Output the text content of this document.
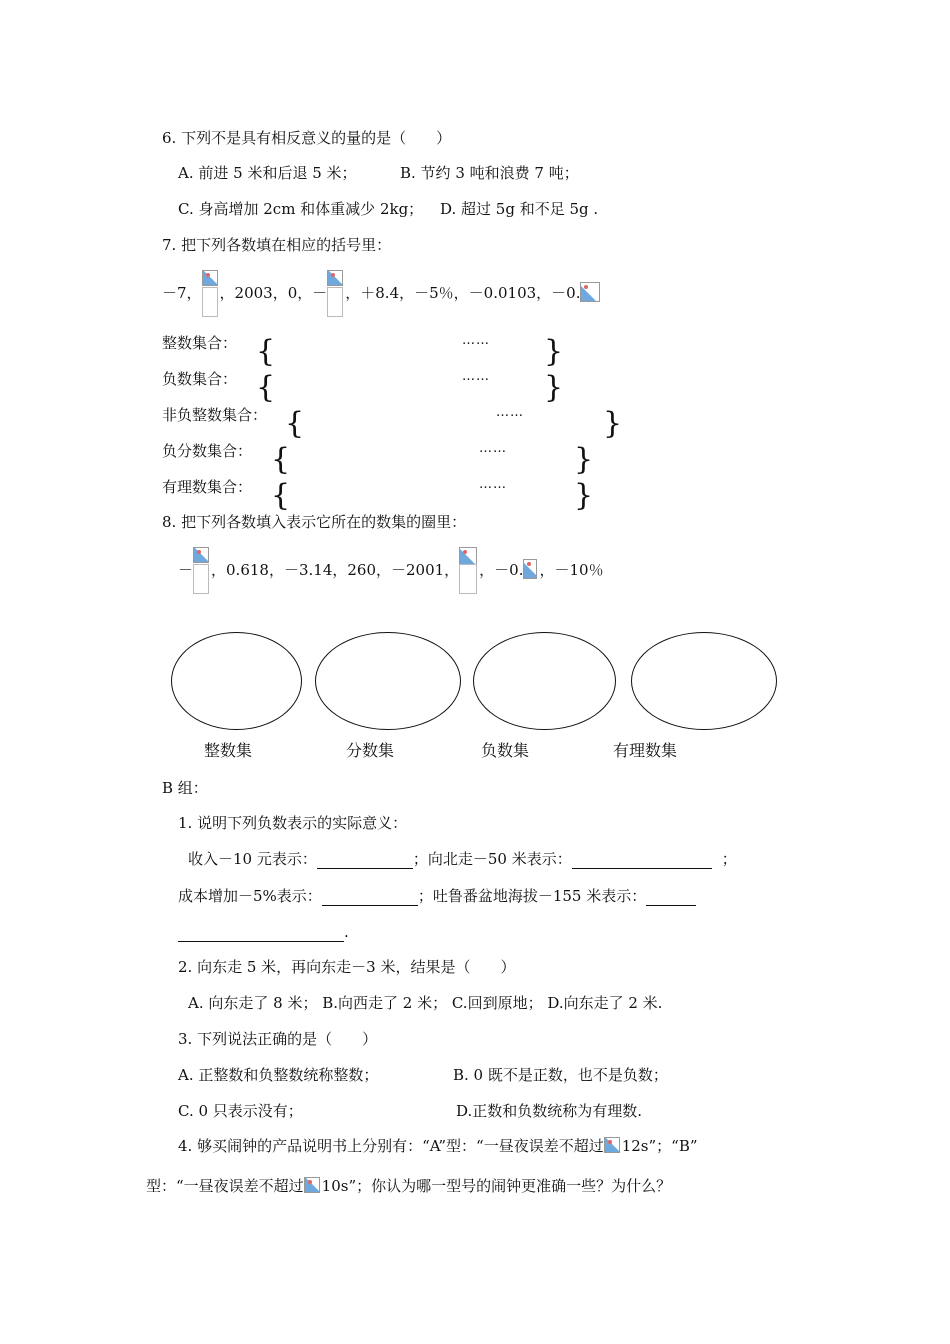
6. 下列不是具有相反意义的量的是（　　）
A. 前进 5 米和后退 5 米；	B. 节约 3 吨和浪费 7 吨；
C. 身高增加 2cm 和体重减少 2kg； D. 超过 5g 和不足 5g .
7. 把下列各数填在相应的括号里：
－7， ，2003，0，－ ，＋8.4，－5％，－0.0103，－0.
整数集合： {	…… }
负数集合： {	…… }
非负整数集合： {	……	}
负分数集合： {	…… }
有理数集合： {	…… }
8. 把下列各数填入表示它所在的数集的圈里：
－ ，0.618，－3.14，260，－2001， ，－0. ，－10％
整数集	分数集	负数集	有理数集
B 组：
1. 说明下列负数表示的实际意义：
收入－10 元表示：	；向北走－50 米表示：	；
成本增加－5%表示：	；吐鲁番盆地海拔－155 米表示：
.
2. 向东走 5 米，再向东走－3 米，结果是（　　）
A. 向东走了 8 米； B.向西走了 2 米； C.回到原地； D.向东走了 2 米.
3. 下列说法正确的是（　　）
A. 正整数和负整数统称整数；	B. 0 既不是正数，也不是负数；
C. 0 只表示没有；	D.正数和负数统称为有理数.
4. 够买闹钟的产品说明书上分别有：“A”型：“一昼夜误差不超过 12s”；“B”
型：“一昼夜误差不超过 10s”；你认为哪一型号的闹钟更准确一些？为什么？
